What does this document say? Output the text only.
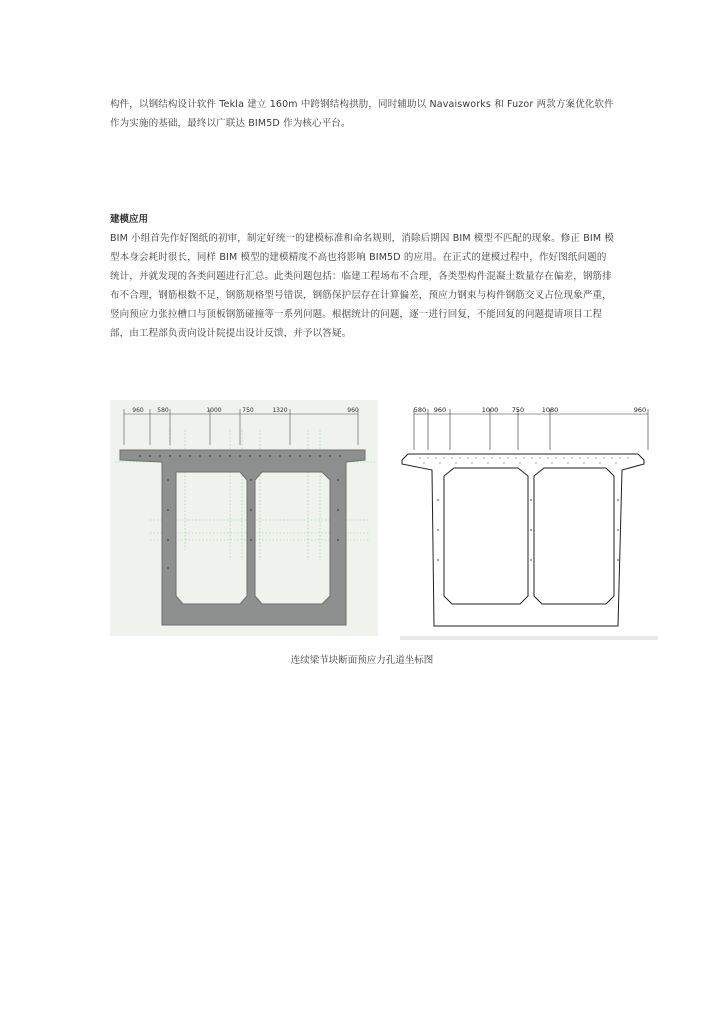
构件，以钢结构设计软件 Tekla 建立 160m 中跨钢结构拱肋，同时辅助以 Navaisworks 和 Fuzor 两款方案优化软件作为实施的基础，最终以广联达 BIM5D 作为核心平台。

建模应用

BIM 小组首先作好图纸的初审，制定好统一的建模标准和命名规则，消除后期因 BIM 模型不匹配的现象。修正 BIM 模型本身会耗时很长，同样 BIM 模型的建模精度不高也将影响 BIM5D 的应用。在正式的建模过程中，作好图纸问题的统计，并就发现的各类问题进行汇总。此类问题包括：临建工程场布不合理，各类型构件混凝土数量存在偏差，钢筋排布不合理，钢筋根数不足，钢筋规格型号错误，钢筋保护层存在计算偏差，预应力钢束与构件钢筋交叉占位现象严重，竖向预应力张拉槽口与顶板钢筋碰撞等一系列问题。根据统计的问题，逐一进行回复，不能回复的问题提请项目工程部，由工程部负责向设计院提出设计反馈，并予以答疑。

960 580	1000	750	1320	960	580 960	1000 750	1080	960

连续梁节块断面预应力孔道坐标图
